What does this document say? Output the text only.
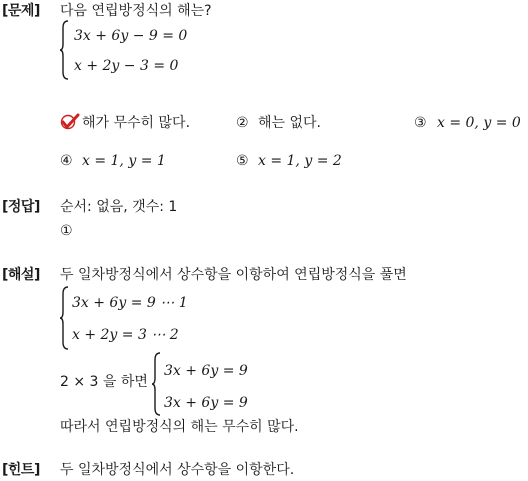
[문제] 다음 연립방정식의 해는?
3x + 6y − 9 = 0
x + 2y − 3 = 0
해가 무수히 많다.	② 해는 없다.	③ x = 0, y = 0
④ x = 1, y = 1	⑤ x = 1, y = 2
[정답] 순서: 없음, 갯수: 1
①
[해설] 두 일차방정식에서 상수항을 이항하여 연립방정식을 풀면
3x + 6y = 9 ⋯ 1
x + 2y = 3 ⋯ 2
2 × 3 을 하면
3x + 6y = 9
3x + 6y = 9
따라서 연립방정식의 해는 무수히 많다.
[힌트] 두 일차방정식에서 상수항을 이항한다.
